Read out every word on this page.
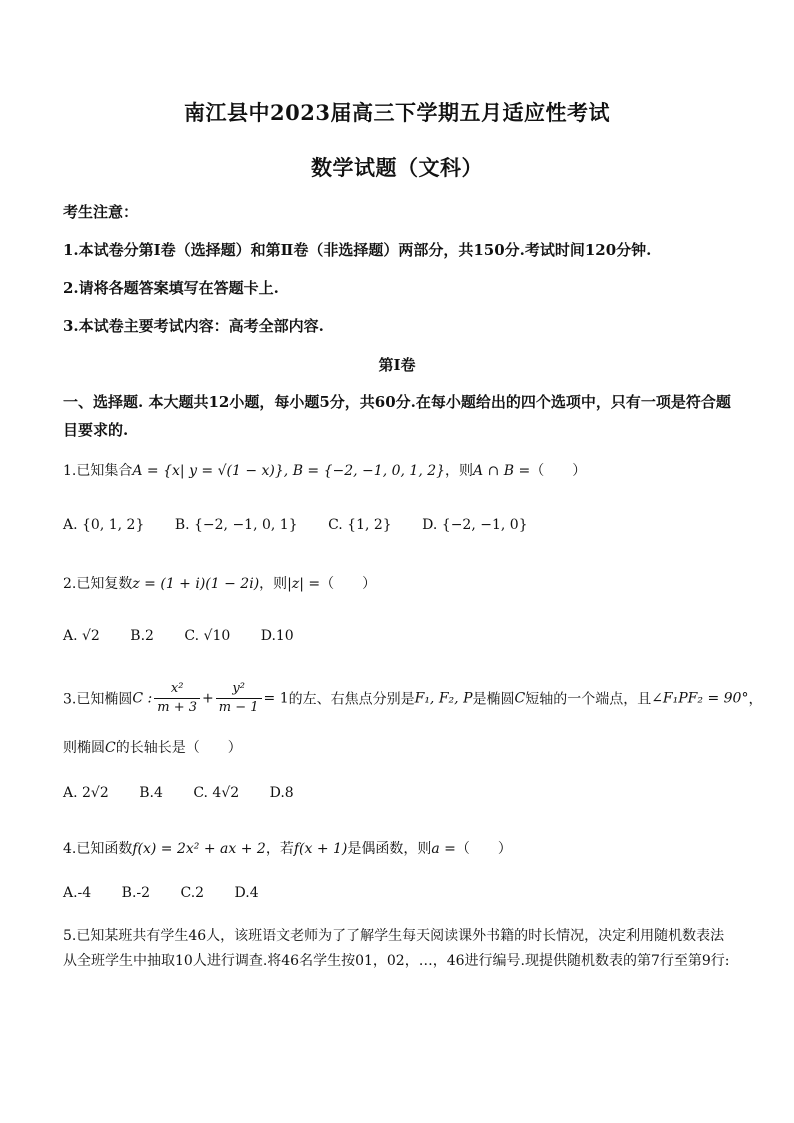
南江县中2023届高三下学期五月适应性考试
数学试题（文科）
考生注意：
1.本试卷分第Ⅰ卷（选择题）和第Ⅱ卷（非选择题）两部分，共150分.考试时间120分钟.
2.请将各题答案填写在答题卡上.
3.本试卷主要考试内容：高考全部内容.
第Ⅰ卷
一、选择题. 本大题共12小题，每小题5分，共60分.在每小题给出的四个选项中，只有一项是符合题目要求的.
1.已知集合A = {x| y = √(1 − x)}, B = {−2, −1, 0, 1, 2}，则A ∩ B =（　　）
A. {0, 1, 2} B. {−2, −1, 0, 1} C. {1, 2} D. {−2, −1, 0}
2.已知复数z = (1 + i)(1 − 2i)，则|z| =（　　）
A. √2 B.2 C. √10 D.10
3.已知椭圆C : $\frac{\text{x²}}{m + 3} + \frac{\text{y²}}{m - 1} = 1$的左、右焦点分别是F₁, F₂, P是椭圆C短轴的一个端点，且∠F₁PF₂ = 90°，
则椭圆C的长轴长是（　　）
A. 2√2 B.4 C. 4√2 D.8
4.已知函数f(x) = 2x² + ax + 2，若f(x + 1)是偶函数，则a =（　　）
A.-4 B.-2 C.2 D.4
5.已知某班共有学生46人，该班语文老师为了了解学生每天阅读课外书籍的时长情况，决定利用随机数表法
从全班学生中抽取10人进行调查.将46名学生按01，02，…，46进行编号.现提供随机数表的第7行至第9行:
